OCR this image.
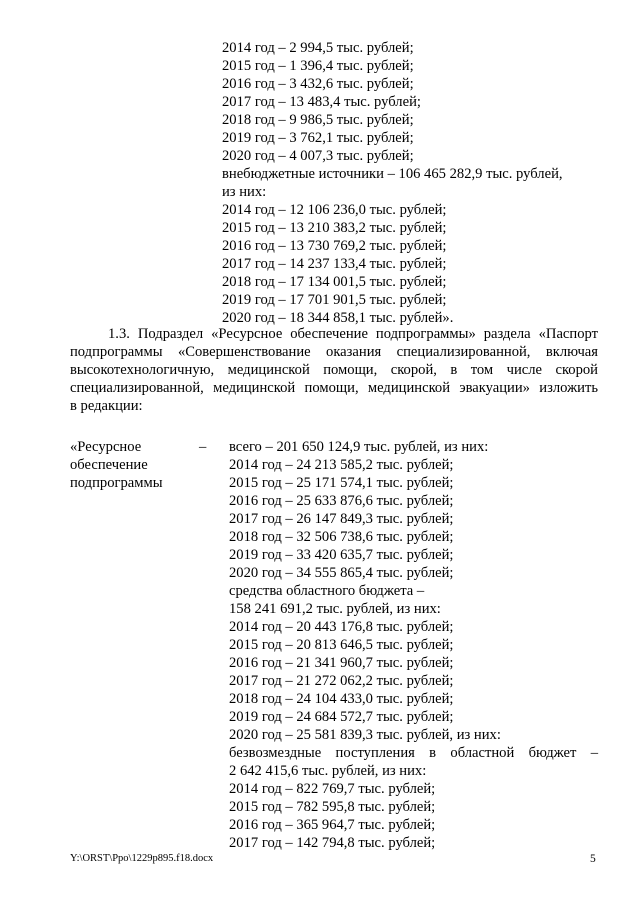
2014 год – 2 994,5 тыс. рублей;
2015 год – 1 396,4 тыс. рублей;
2016 год – 3 432,6 тыс. рублей;
2017 год – 13 483,4 тыс. рублей;
2018 год – 9 986,5 тыс. рублей;
2019 год – 3 762,1 тыс. рублей;
2020 год – 4 007,3 тыс. рублей;
внебюджетные источники – 106 465 282,9 тыс. рублей,
из них:
2014 год – 12 106 236,0 тыс. рублей;
2015 год – 13 210 383,2 тыс. рублей;
2016 год – 13 730 769,2 тыс. рублей;
2017 год – 14 237 133,4 тыс. рублей;
2018 год – 17 134 001,5 тыс. рублей;
2019 год – 17 701 901,5 тыс. рублей;
2020 год – 18 344 858,1 тыс. рублей».
1.3. Подраздел «Ресурсное обеспечение подпрограммы» раздела «Паспорт
подпрограммы «Совершенствование оказания специализированной, включая
высокотехнологичную, медицинской помощи, скорой, в том числе скорой
специализированной, медицинской помощи, медицинской эвакуации» изложить
в редакции:
«Ресурсное
обеспечение
подпрограммы
– всего – 201 650 124,9 тыс. рублей, из них:
2014 год – 24 213 585,2 тыс. рублей;
2015 год – 25 171 574,1 тыс. рублей;
2016 год – 25 633 876,6 тыс. рублей;
2017 год – 26 147 849,3 тыс. рублей;
2018 год – 32 506 738,6 тыс. рублей;
2019 год – 33 420 635,7 тыс. рублей;
2020 год – 34 555 865,4 тыс. рублей;
средства областного бюджета –
158 241 691,2 тыс. рублей, из них:
2014 год – 20 443 176,8 тыс. рублей;
2015 год – 20 813 646,5 тыс. рублей;
2016 год – 21 341 960,7 тыс. рублей;
2017 год – 21 272 062,2 тыс. рублей;
2018 год – 24 104 433,0 тыс. рублей;
2019 год – 24 684 572,7 тыс. рублей;
2020 год – 25 581 839,3 тыс. рублей, из них:
безвозмездные поступления в областной бюджет –
2 642 415,6 тыс. рублей, из них:
2014 год – 822 769,7 тыс. рублей;
2015 год – 782 595,8 тыс. рублей;
2016 год – 365 964,7 тыс. рублей;
2017 год – 142 794,8 тыс. рублей;
Y:\ORST\Ppo\1229p895.f18.docx	5
